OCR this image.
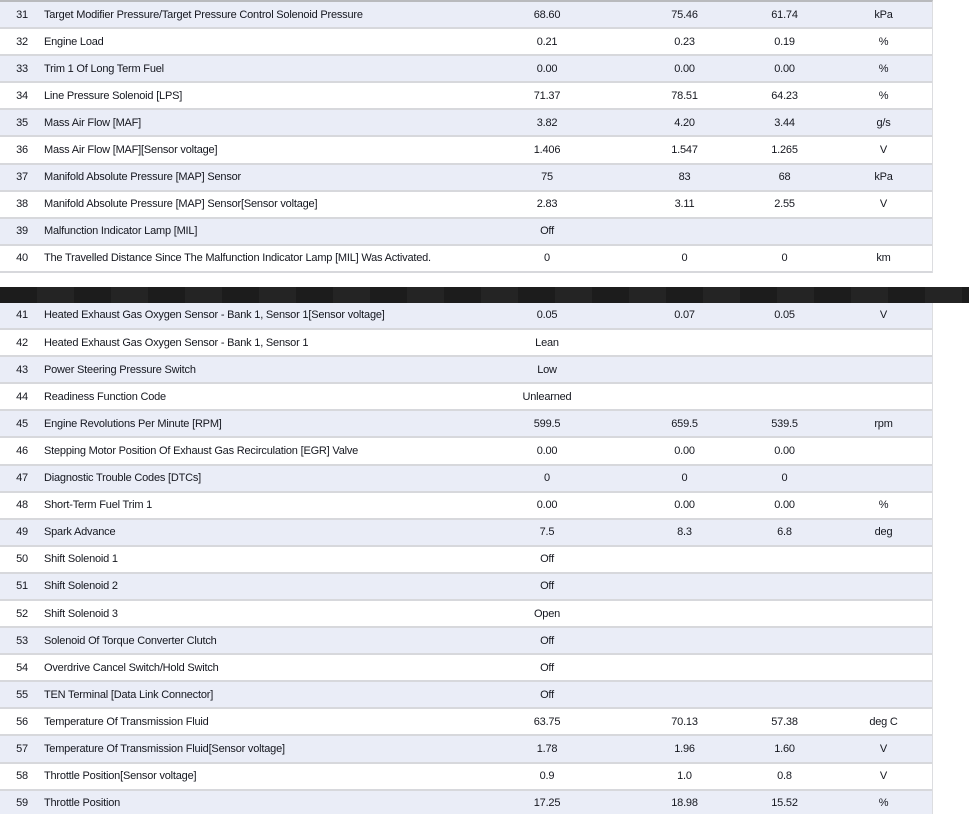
31	Target Modifier Pressure/Target Pressure Control Solenoid Pressure	68.60	75.46	61.74	kPa
32	Engine Load	0.21	0.23	0.19	%
33	Trim 1 Of Long Term Fuel	0.00	0.00	0.00	%
34	Line Pressure Solenoid [LPS]	71.37	78.51	64.23	%
35	Mass Air Flow [MAF]	3.82	4.20	3.44	g/s
36	Mass Air Flow [MAF][Sensor voltage]	1.406	1.547	1.265	V
37	Manifold Absolute Pressure [MAP] Sensor	75	83	68	kPa
38	Manifold Absolute Pressure [MAP] Sensor[Sensor voltage]	2.83	3.11	2.55	V
39	Malfunction Indicator Lamp [MIL]	Off
40	The Travelled Distance Since The Malfunction Indicator Lamp [MIL] Was Activated.	0	0	0	km
41	Heated Exhaust Gas Oxygen Sensor - Bank 1, Sensor 1[Sensor voltage]	0.05	0.07	0.05	V
42	Heated Exhaust Gas Oxygen Sensor - Bank 1, Sensor 1	Lean
43	Power Steering Pressure Switch	Low
44	Readiness Function Code	Unlearned
45	Engine Revolutions Per Minute [RPM]	599.5	659.5	539.5	rpm
46	Stepping Motor Position Of Exhaust Gas Recirculation [EGR] Valve	0.00	0.00	0.00
47	Diagnostic Trouble Codes [DTCs]	0	0	0
48	Short-Term Fuel Trim 1	0.00	0.00	0.00	%
49	Spark Advance	7.5	8.3	6.8	deg
50	Shift Solenoid 1	Off
51	Shift Solenoid 2	Off
52	Shift Solenoid 3	Open
53	Solenoid Of Torque Converter Clutch	Off
54	Overdrive Cancel Switch/Hold Switch	Off
55	TEN Terminal [Data Link Connector]	Off
56	Temperature Of Transmission Fluid	63.75	70.13	57.38	deg C
57	Temperature Of Transmission Fluid[Sensor voltage]	1.78	1.96	1.60	V
58	Throttle Position[Sensor voltage]	0.9	1.0	0.8	V
59	Throttle Position	17.25	18.98	15.52	%
